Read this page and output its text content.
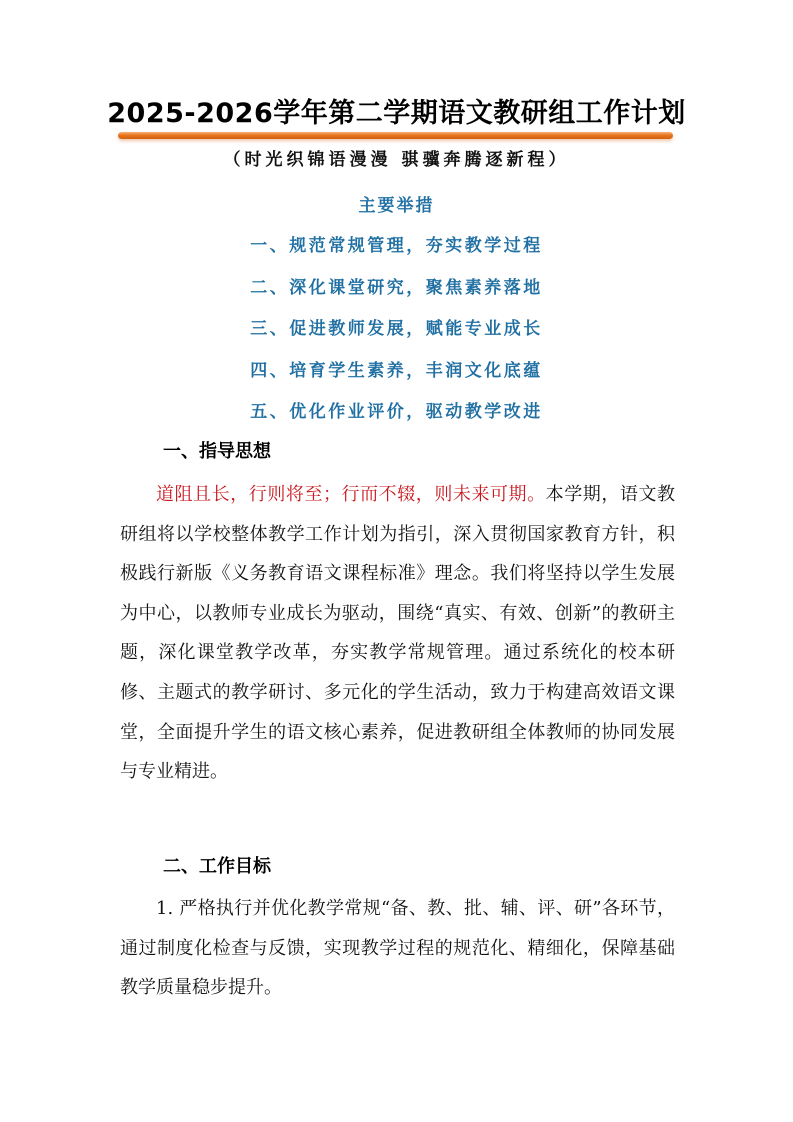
2025-2026学年第二学期语文教研组工作计划

（时光织锦语漫漫 骐骥奔腾逐新程）

主要举措
一、规范常规管理，夯实教学过程
二、深化课堂研究，聚焦素养落地
三、促进教师发展，赋能专业成长
四、培育学生素养，丰润文化底蕴
五、优化作业评价，驱动教学改进
一、指导思想

道阻且长，行则将至；行而不辍，则未来可期。本学期，语文教研组将以学校整体教学工作计划为指引，深入贯彻国家教育方针，积极践行新版《义务教育语文课程标准》理念。我们将坚持以学生发展为中心，以教师专业成长为驱动，围绕“真实、有效、创新”的教研主题，深化课堂教学改革，夯实教学常规管理。通过系统化的校本研修、主题式的教学研讨、多元化的学生活动，致力于构建高效语文课堂，全面提升学生的语文核心素养，促进教研组全体教师的协同发展与专业精进。

二、工作目标

1. 严格执行并优化教学常规“备、教、批、辅、评、研”各环节，通过制度化检查与反馈，实现教学过程的规范化、精细化，保障基础教学质量稳步提升。
